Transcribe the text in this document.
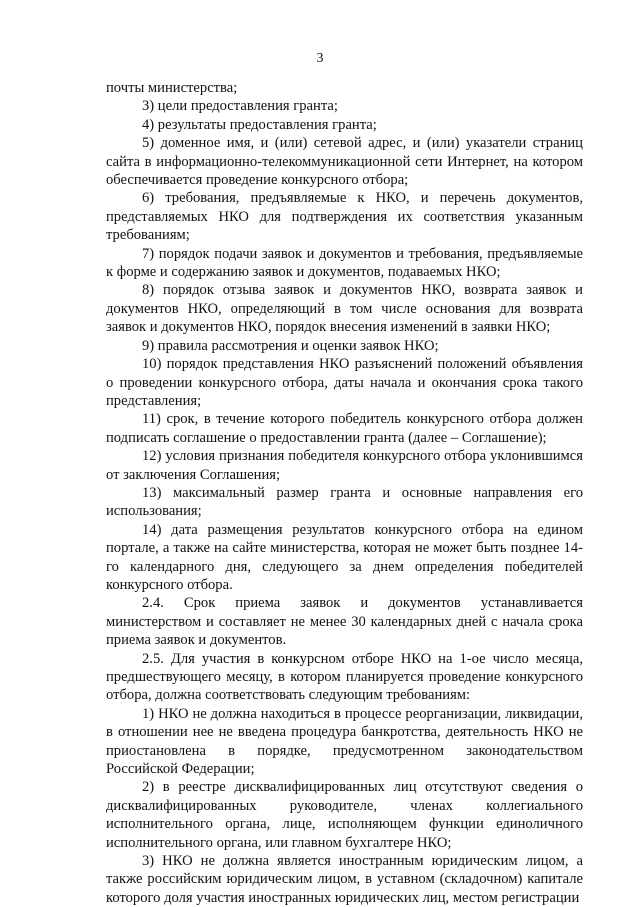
3

почты министерства;

3) цели предоставления гранта;

4) результаты предоставления гранта;

5) доменное имя, и (или) сетевой адрес, и (или) указатели страниц сайта в информационно-телекоммуникационной сети Интернет, на котором обеспечивается проведение конкурсного отбора;

6) требования, предъявляемые к НКО, и перечень документов, представляемых НКО для подтверждения их соответствия указанным требованиям;

7) порядок подачи заявок и документов и требования, предъявляемые к форме и содержанию заявок и документов, подаваемых НКО;

8) порядок отзыва заявок и документов НКО, возврата заявок и документов НКО, определяющий в том числе основания для возврата заявок и документов НКО, порядок внесения изменений в заявки НКО;

9) правила рассмотрения и оценки заявок НКО;

10) порядок представления НКО разъяснений положений объявления о проведении конкурсного отбора, даты начала и окончания срока такого представления;

11) срок, в течение которого победитель конкурсного отбора должен подписать соглашение о предоставлении гранта (далее – Соглашение);

12) условия признания победителя конкурсного отбора уклонившимся от заключения Соглашения;

13) максимальный размер гранта и основные направления его использования;

14) дата размещения результатов конкурсного отбора на едином портале, а также на сайте министерства, которая не может быть позднее 14-го календарного дня, следующего за днем определения победителей конкурсного отбора.

2.4. Срок приема заявок и документов устанавливается министерством и составляет не менее 30 календарных дней с начала срока приема заявок и документов.

2.5. Для участия в конкурсном отборе НКО на 1-ое число месяца, предшествующего месяцу, в котором планируется проведение конкурсного отбора, должна соответствовать следующим требованиям:

1) НКО не должна находиться в процессе реорганизации, ликвидации, в отношении нее не введена процедура банкротства, деятельность НКО не приостановлена в порядке, предусмотренном законодательством Российской Федерации;

2) в реестре дисквалифицированных лиц отсутствуют сведения о дисквалифицированных руководителе, членах коллегиального исполнительного органа, лице, исполняющем функции единоличного исполнительного органа, или главном бухгалтере НКО;

3) НКО не должна является иностранным юридическим лицом, а также российским юридическим лицом, в уставном (складочном) капитале которого доля участия иностранных юридических лиц, местом регистрации
